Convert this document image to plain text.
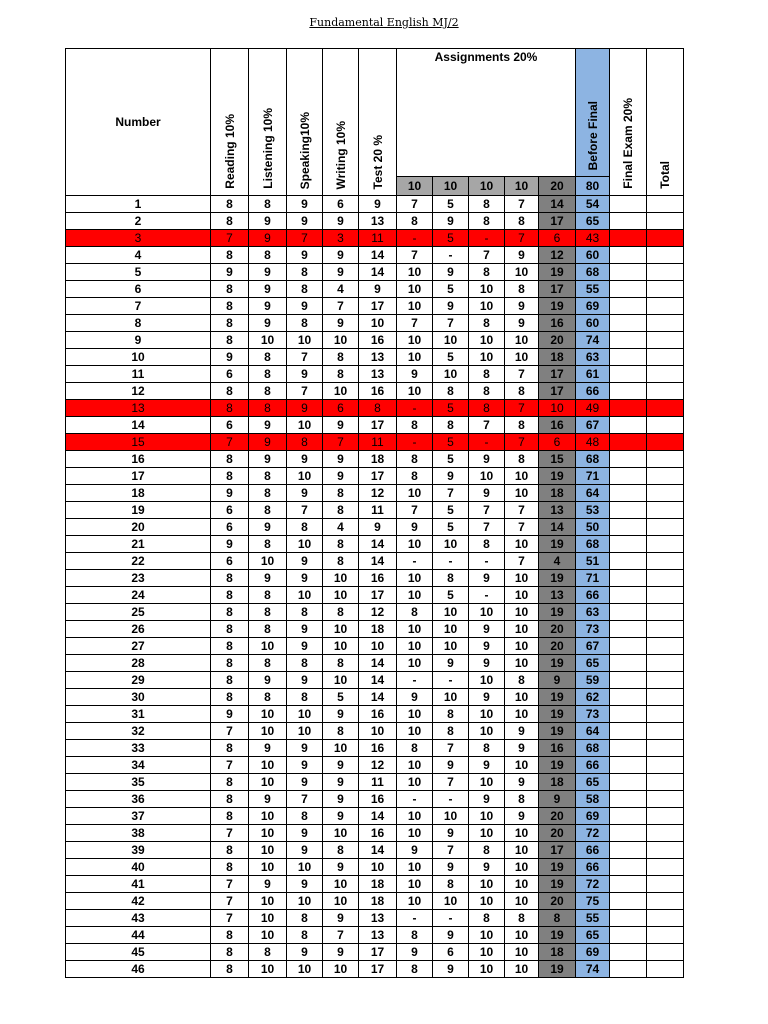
Fundamental English MJ/2
Number	Reading 10%	Listening 10%	Speaking10%	Writing 10%	Test 20 %	Assignments 20%					Before Final	Final Exam 20%	Total

						10	10	10	10	20	80		
1	8	8	9	6	9	7	5	8	7	14	54		
2	8	9	9	9	13	8	9	8	8	17	65		
3	7	9	7	3	11	-	5	-	7	6	43		
4	8	8	9	9	14	7	-	7	9	12	60		
5	9	9	8	9	14	10	9	8	10	19	68		
6	8	9	8	4	9	10	5	10	8	17	55		
7	8	9	9	7	17	10	9	10	9	19	69		
8	8	9	8	9	10	7	7	8	9	16	60		
9	8	10	10	10	16	10	10	10	10	20	74		
10	9	8	7	8	13	10	5	10	10	18	63		
11	6	8	9	8	13	9	10	8	7	17	61		
12	8	8	7	10	16	10	8	8	8	17	66		
13	8	8	9	6	8	-	5	8	7	10	49		
14	6	9	10	9	17	8	8	7	8	16	67		
15	7	9	8	7	11	-	5	-	7	6	48		
16	8	9	9	9	18	8	5	9	8	15	68		
17	8	8	10	9	17	8	9	10	10	19	71		
18	9	8	9	8	12	10	7	9	10	18	64		
19	6	8	7	8	11	7	5	7	7	13	53		
20	6	9	8	4	9	9	5	7	7	14	50		
21	9	8	10	8	14	10	10	8	10	19	68		
22	6	10	9	8	14	-	-	-	7	4	51		
23	8	9	9	10	16	10	8	9	10	19	71		
24	8	8	10	10	17	10	5	-	10	13	66		
25	8	8	8	8	12	8	10	10	10	19	63		
26	8	8	9	10	18	10	10	9	10	20	73		
27	8	10	9	10	10	10	10	9	10	20	67		
28	8	8	8	8	14	10	9	9	10	19	65		
29	8	9	9	10	14	-	-	10	8	9	59		
30	8	8	8	5	14	9	10	9	10	19	62		
31	9	10	10	9	16	10	8	10	10	19	73		
32	7	10	10	8	10	10	8	10	9	19	64		
33	8	9	9	10	16	8	7	8	9	16	68		
34	7	10	9	9	12	10	9	9	10	19	66		
35	8	10	9	9	11	10	7	10	9	18	65		
36	8	9	7	9	16	-	-	9	8	9	58		
37	8	10	8	9	14	10	10	10	9	20	69		
38	7	10	9	10	16	10	9	10	10	20	72		
39	8	10	9	8	14	9	7	8	10	17	66		
40	8	10	10	9	10	10	9	9	10	19	66		
41	7	9	9	10	18	10	8	10	10	19	72		
42	7	10	10	10	18	10	10	10	10	20	75		
43	7	10	8	9	13	-	-	8	8	8	55		
44	8	10	8	7	13	8	9	10	10	19	65		
45	8	8	9	9	17	9	6	10	10	18	69		
46	8	10	10	10	17	8	9	10	10	19	74		
